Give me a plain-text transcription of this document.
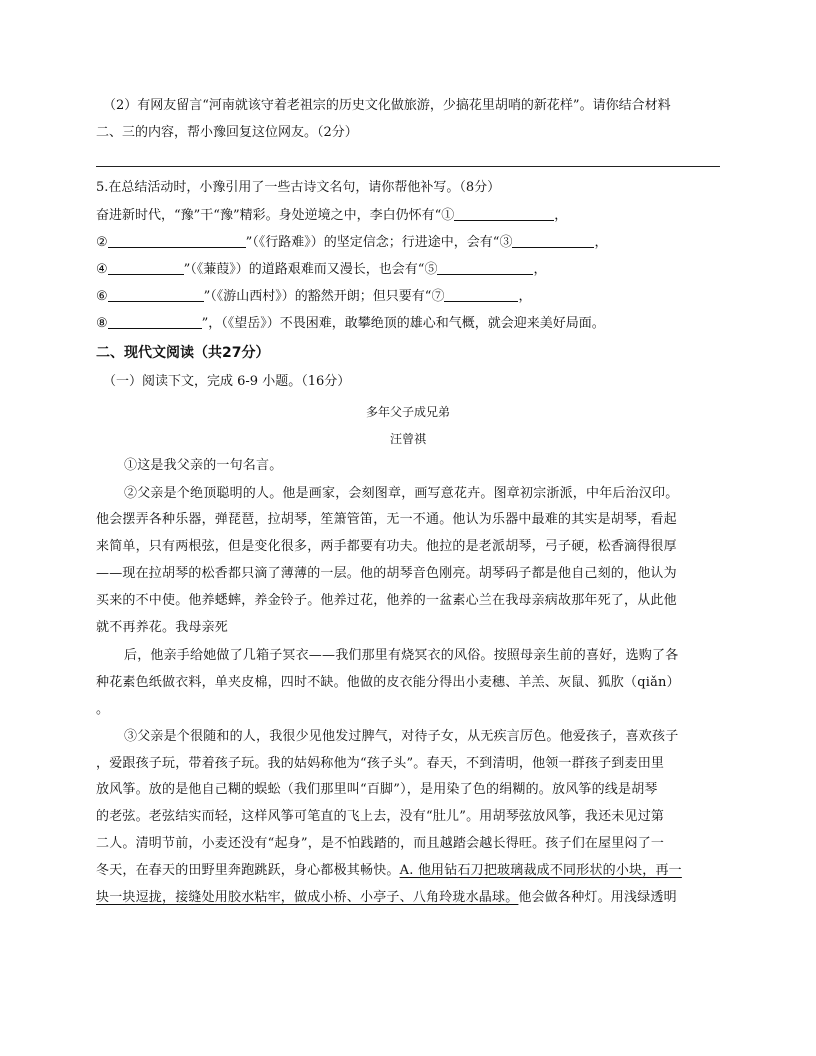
（2）有网友留言“河南就该守着老祖宗的历史文化做旅游，少搞花里胡哨的新花样”。请你结合材料
二、三的内容，帮小豫回复这位网友。（2分）
5.在总结活动时，小豫引用了一些古诗文名句，请你帮他补写。（8分）
奋进新时代，“豫”干“豫”精彩。身处逆境之中，李白仍怀有“①	，
②	”（《行路难》）的坚定信念；行进途中，会有“③	，
④	”（《蒹葭》）的道路艰难而又漫长，也会有“⑤	，
⑥	”（《游山西村》）的豁然开朗；但只要有“⑦	，
⑧	”，（《望岳》）不畏困难，敢攀绝顶的雄心和气概，就会迎来美好局面。
二、现代文阅读（共27分）
（一）阅读下文，完成 6-9 小题。（16分）
多年父子成兄弟
汪曾祺
①这是我父亲的一句名言。
②父亲是个绝顶聪明的人。他是画家，会刻图章，画写意花卉。图章初宗浙派，中年后治汉印。
他会摆弄各种乐器，弹琵琶，拉胡琴，笙箫管笛，无一不通。他认为乐器中最难的其实是胡琴，看起
来简单，只有两根弦，但是变化很多，两手都要有功夫。他拉的是老派胡琴，弓子硬，松香滴得很厚
——现在拉胡琴的松香都只滴了薄薄的一层。他的胡琴音色刚亮。胡琴码子都是他自己刻的，他认为
买来的不中使。他养蟋蟀，养金铃子。他养过花，他养的一盆素心兰在我母亲病故那年死了，从此他
就不再养花。我母亲死
后，他亲手给她做了几箱子冥衣——我们那里有烧冥衣的风俗。按照母亲生前的喜好，选购了各
种花素色纸做衣料，单夹皮棉，四时不缺。他做的皮衣能分得出小麦穗、羊羔、灰鼠、狐肷（qiǎn）
。
③父亲是个很随和的人，我很少见他发过脾气，对待子女，从无疾言厉色。他爱孩子，喜欢孩子
，爱跟孩子玩，带着孩子玩。我的姑妈称他为“孩子头”。春天，不到清明，他领一群孩子到麦田里
放风筝。放的是他自己糊的蜈蚣（我们那里叫“百脚”），是用染了色的绢糊的。放风筝的线是胡琴
的老弦。老弦结实而轻，这样风筝可笔直的飞上去，没有“肚儿”。用胡琴弦放风筝，我还未见过第
二人。清明节前，小麦还没有“起身”，是不怕践踏的，而且越踏会越长得旺。孩子们在屋里闷了一
冬天，在春天的田野里奔跑跳跃，身心都极其畅快。A. 他用钻石刀把玻璃裁成不同形状的小块，再一
块一块逗拢，接缝处用胶水粘牢，做成小桥、小亭子、八角玲珑水晶球。他会做各种灯。用浅绿透明
